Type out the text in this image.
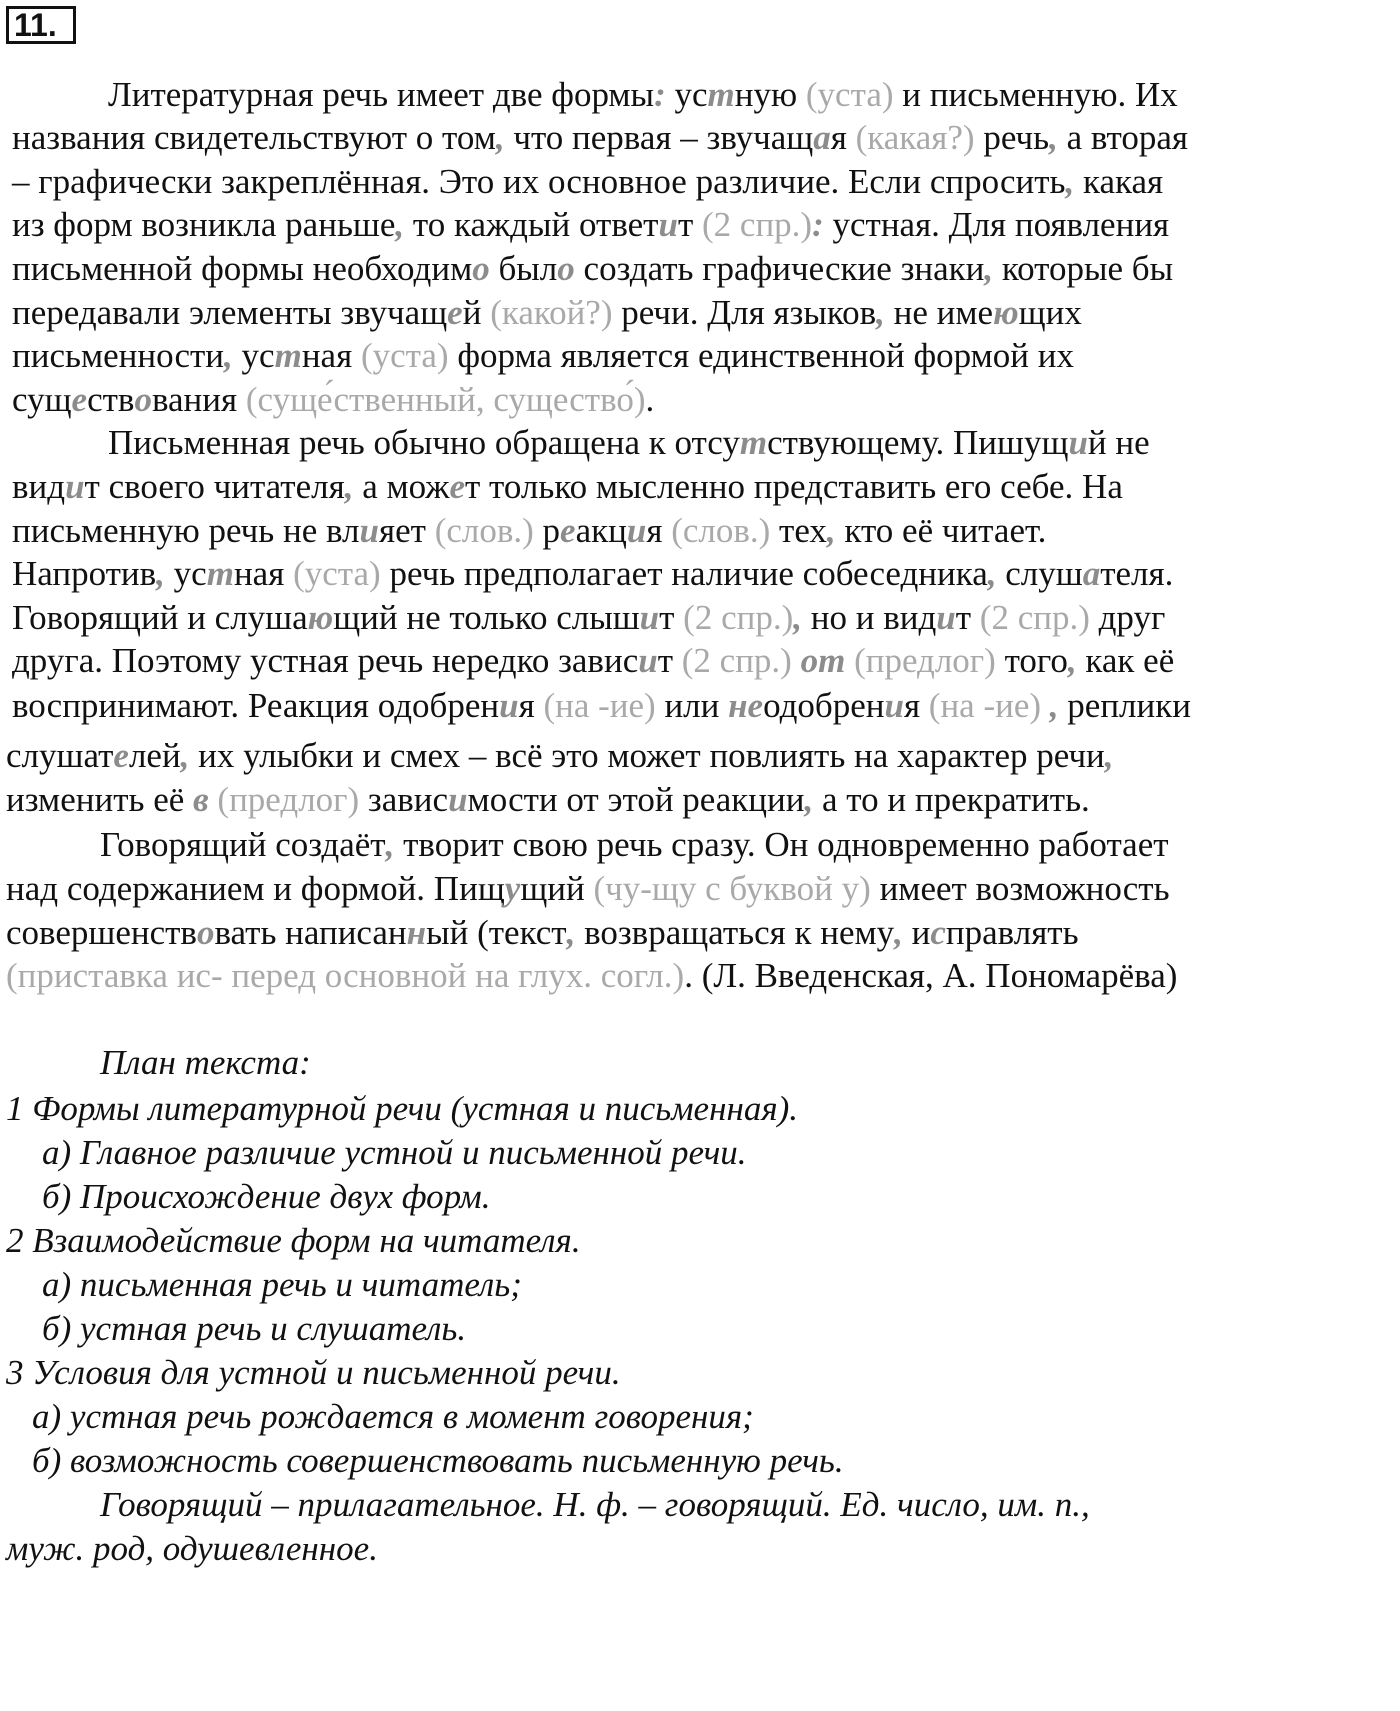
11.
Литературная речь имеет две формы: устную (уста) и письменную. Их
названия свидетельствуют о том, что первая – звучащая (какая?) речь, а вторая
– графически закреплённая. Это их основное различие. Если спросить, какая
из форм возникла раньше, то каждый ответит (2 спр.): устная. Для появления
письменной формы необходимо было создать графические знаки, которые бы
передавали элементы звучащей (какой?) речи. Для языков, не имеющих
письменности, устная (уста) форма является единственной формой их
существования (суще́ственный, существо́).
Письменная речь обычно обращена к отсутствующему. Пишущий не
видит своего читателя, а может только мысленно представить его себе. На
письменную речь не влияет (слов.) реакция (слов.) тех, кто её читает.
Напротив, устная (уста) речь предполагает наличие собеседника, слушателя.
Говорящий и слушающий не только слышит (2 спр.), но и видит (2 спр.) друг
друга. Поэтому устная речь нередко зависит (2 спр.) от (предлог) того, как её
воспринимают. Реакция одобрения (на -ие) или неодобрения (на -ие) , реплики
слушателей, их улыбки и смех – всё это может повлиять на характер речи,
изменить её в (предлог) зависимости от этой реакции, а то и прекратить.
Говорящий создаёт, творит свою речь сразу. Он одновременно работает
над содержанием и формой. Пищущий (чу-щу с буквой у) имеет возможность
совершенствовать написанный (текст, возвращаться к нему, исправлять
(приставка ис- перед основной на глух. согл.). (Л. Введенская, А. Пономарёва)
План текста:
1 Формы литературной речи (устная и письменная).
а) Главное различие устной и письменной речи.
б) Происхождение двух форм.
2 Взаимодействие форм на читателя.
а) письменная речь и читатель;
б) устная речь и слушатель.
3 Условия для устной и письменной речи.
а) устная речь рождается в момент говорения;
б) возможность совершенствовать письменную речь.
Говорящий – прилагательное. Н. ф. – говорящий. Ед. число, им. п.,
муж. род, одушевленное.
